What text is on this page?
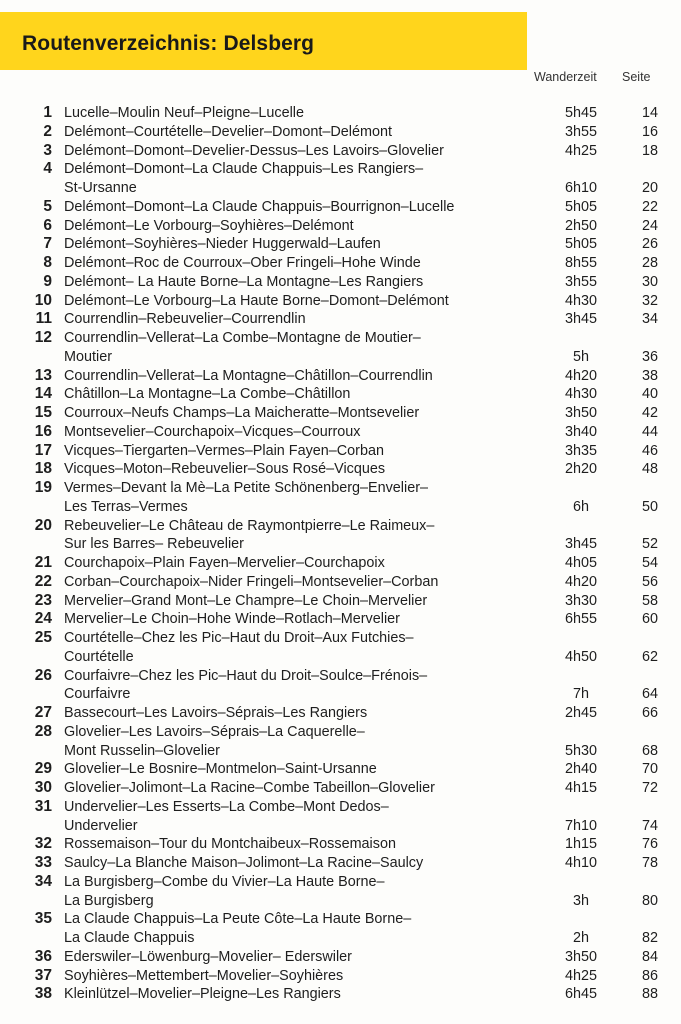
Routenverzeichnis: Delsberg
Wanderzeit Seite
1 Lucelle–Moulin Neuf–Pleigne–Lucelle	5h45	14
2 Delémont–Courtételle–Develier–Domont–Delémont	3h55	16
3 Delémont–Domont–Develier-Dessus–Les Lavoirs–Glovelier	4h25	18
4 Delémont–Domont–La Claude Chappuis–Les Rangiers–
St-Ursanne	6h10	20
5 Delémont–Domont–La Claude Chappuis–Bourrignon–Lucelle	5h05	22
6 Delémont–Le Vorbourg–Soyhières–Delémont	2h50	24
7 Delémont–Soyhières–Nieder Huggerwald–Laufen	5h05	26
8 Delémont–Roc de Courroux–Ober Fringeli–Hohe Winde	8h55	28
9 Delémont– La Haute Borne–La Montagne–Les Rangiers	3h55	30
10 Delémont–Le Vorbourg–La Haute Borne–Domont–Delémont	4h30	32
11 Courrendlin–Rebeuvelier–Courrendlin	3h45	34
12 Courrendlin–Vellerat–La Combe–Montagne de Moutier–
Moutier	5h	36
13 Courrendlin–Vellerat–La Montagne–Châtillon–Courrendlin	4h20	38
14 Châtillon–La Montagne–La Combe–Châtillon	4h30	40
15 Courroux–Neufs Champs–La Maicheratte–Montsevelier	3h50	42
16 Montsevelier–Courchapoix–Vicques–Courroux	3h40	44
17 Vicques–Tiergarten–Vermes–Plain Fayen–Corban	3h35	46
18 Vicques–Moton–Rebeuvelier–Sous Rosé–Vicques	2h20	48
19 Vermes–Devant la Mè–La Petite Schönenberg–Envelier–
Les Terras–Vermes	6h	50
20 Rebeuvelier–Le Château de Raymontpierre–Le Raimeux–
Sur les Barres– Rebeuvelier	3h45	52
21 Courchapoix–Plain Fayen–Mervelier–Courchapoix	4h05	54
22 Corban–Courchapoix–Nider Fringeli–Montsevelier–Corban	4h20	56
23 Mervelier–Grand Mont–Le Champre–Le Choin–Mervelier	3h30	58
24 Mervelier–Le Choin–Hohe Winde–Rotlach–Mervelier	6h55	60
25 Courtételle–Chez les Pic–Haut du Droit–Aux Futchies–
Courtételle	4h50	62
26 Courfaivre–Chez les Pic–Haut du Droit–Soulce–Frénois–
Courfaivre	7h	64
27 Bassecourt–Les Lavoirs–Séprais–Les Rangiers	2h45	66
28 Glovelier–Les Lavoirs–Séprais–La Caquerelle–
Mont Russelin–Glovelier	5h30	68
29 Glovelier–Le Bosnire–Montmelon–Saint-Ursanne	2h40	70
30 Glovelier–Jolimont–La Racine–Combe Tabeillon–Glovelier	4h15	72
31 Undervelier–Les Esserts–La Combe–Mont Dedos–
Undervelier	7h10	74
32 Rossemaison–Tour du Montchaibeux–Rossemaison	1h15	76
33 Saulcy–La Blanche Maison–Jolimont–La Racine–Saulcy	4h10	78
34 La Burgisberg–Combe du Vivier–La Haute Borne–
La Burgisberg	3h	80
35 La Claude Chappuis–La Peute Côte–La Haute Borne–
La Claude Chappuis	2h	82
36 Ederswiler–Löwenburg–Movelier– Ederswiler	3h50	84
37 Soyhières–Mettembert–Movelier–Soyhières	4h25	86
38 Kleinlützel–Movelier–Pleigne–Les Rangiers	6h45	88
